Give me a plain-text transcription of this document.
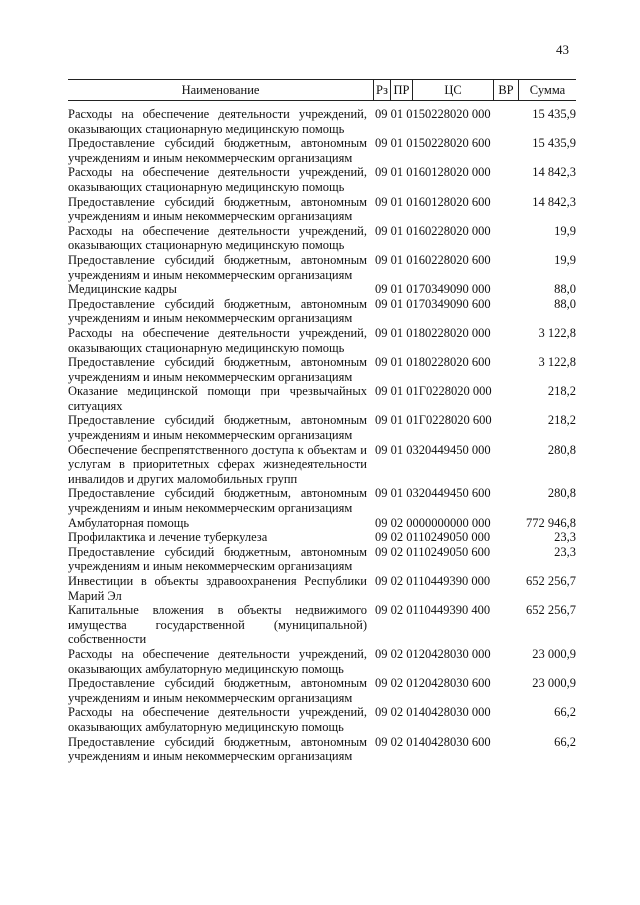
43
Наименование	Рз ПР	ЦС	ВР	Сумма
Расходы на обеспечение деятельности учреждений, оказывающих стационарную медицинскую помощь
09 01 0150228020 000	15 435,9
Предоставление субсидий бюджетным, автономным учреждениям и иным некоммерческим организациям
09 01 0150228020 600	15 435,9
Расходы на обеспечение деятельности учреждений, оказывающих стационарную медицинскую помощь
09 01 0160128020 000	14 842,3
Предоставление субсидий бюджетным, автономным учреждениям и иным некоммерческим организациям
09 01 0160128020 600	14 842,3
Расходы на обеспечение деятельности учреждений, оказывающих стационарную медицинскую помощь
09 01 0160228020 000	19,9
Предоставление субсидий бюджетным, автономным учреждениям и иным некоммерческим организациям
09 01 0160228020 600	19,9
Медицинские кадры	09 01 0170349090 000	88,0
Предоставление субсидий бюджетным, автономным учреждениям и иным некоммерческим организациям
09 01 0170349090 600	88,0
Расходы на обеспечение деятельности учреждений, оказывающих стационарную медицинскую помощь
09 01 0180228020 000	3 122,8
Предоставление субсидий бюджетным, автономным учреждениям и иным некоммерческим организациям
09 01 0180228020 600	3 122,8
Оказание медицинской помощи при чрезвычайных ситуациях
09 01 01Г0228020 000	218,2
Предоставление субсидий бюджетным, автономным учреждениям и иным некоммерческим организациям
09 01 01Г0228020 600	218,2
Обеспечение беспрепятственного доступа к объектам и услугам в приоритетных сферах жизнедеятельности инвалидов и других маломобильных групп
09 01 0320449450 000	280,8
Предоставление субсидий бюджетным, автономным учреждениям и иным некоммерческим организациям
09 01 0320449450 600	280,8
Амбулаторная помощь	09 02 0000000000 000	772 946,8
Профилактика и лечение туберкулеза	09 02 0110249050 000	23,3
Предоставление субсидий бюджетным, автономным учреждениям и иным некоммерческим организациям
09 02 0110249050 600	23,3
Инвестиции в объекты здравоохранения Республики Марий Эл
09 02 0110449390 000	652 256,7
Капитальные вложения в объекты недвижимого имущества государственной (муниципальной) собственности
09 02 0110449390 400	652 256,7
Расходы на обеспечение деятельности учреждений, оказывающих амбулаторную медицинскую помощь
09 02 0120428030 000	23 000,9
Предоставление субсидий бюджетным, автономным учреждениям и иным некоммерческим организациям
09 02 0120428030 600	23 000,9
Расходы на обеспечение деятельности учреждений, оказывающих амбулаторную медицинскую помощь
09 02 0140428030 000	66,2
Предоставление субсидий бюджетным, автономным учреждениям и иным некоммерческим организациям
09 02 0140428030 600	66,2
